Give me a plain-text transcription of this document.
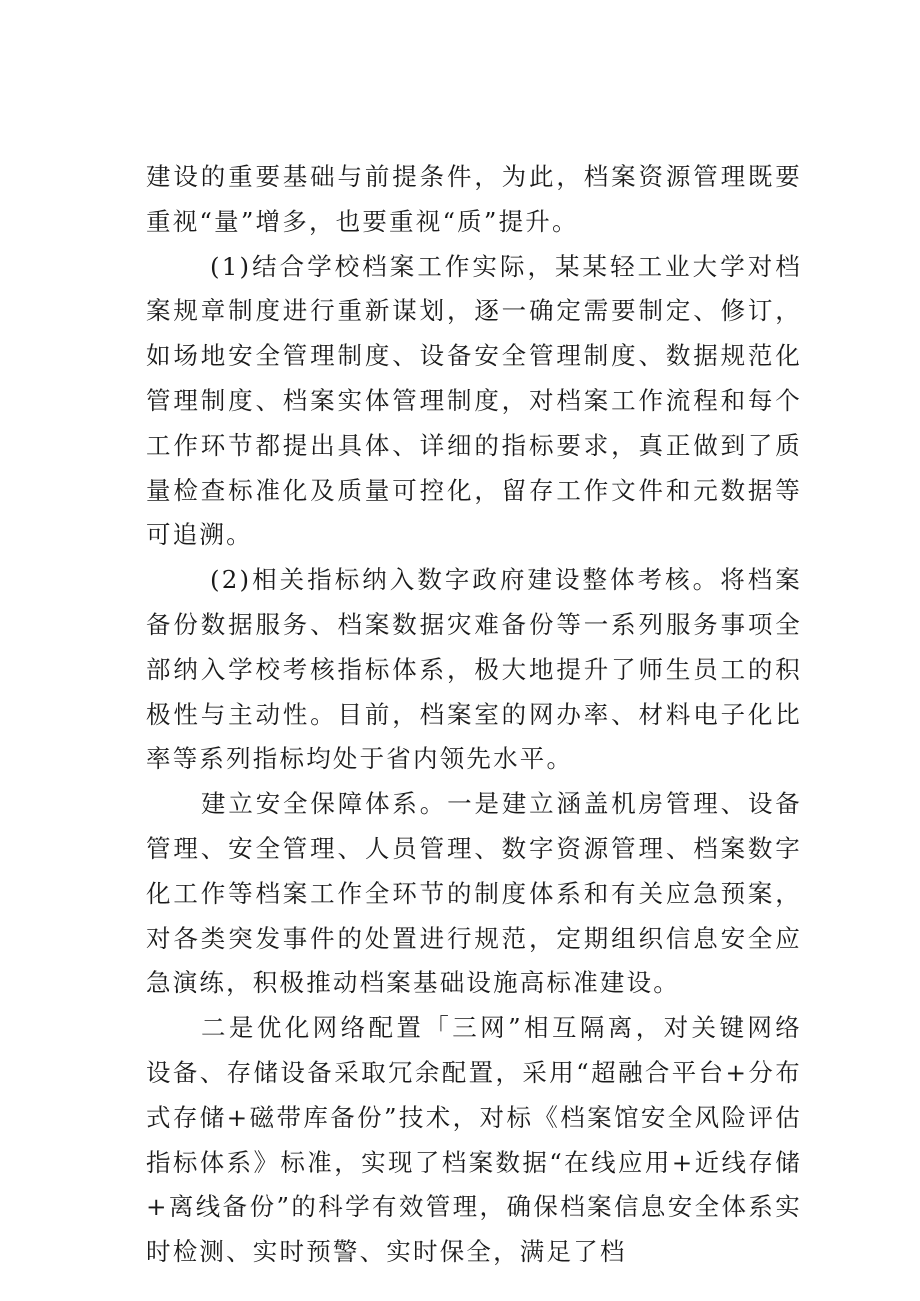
建设的重要基础与前提条件，为此，档案资源管理既要重视“量”增多，也要重视“质”提升。

(1)结合学校档案工作实际，某某轻工业大学对档案规章制度进行重新谋划，逐一确定需要制定、修订，如场地安全管理制度、设备安全管理制度、数据规范化管理制度、档案实体管理制度，对档案工作流程和每个工作环节都提出具体、详细的指标要求，真正做到了质量检查标准化及质量可控化，留存工作文件和元数据等可追溯。

(2)相关指标纳入数字政府建设整体考核。将档案备份数据服务、档案数据灾难备份等一系列服务事项全部纳入学校考核指标体系，极大地提升了师生员工的积极性与主动性。目前，档案室的网办率、材料电子化比率等系列指标均处于省内领先水平。

建立安全保障体系。一是建立涵盖机房管理、设备管理、安全管理、人员管理、数字资源管理、档案数字化工作等档案工作全环节的制度体系和有关应急预案，对各类突发事件的处置进行规范，定期组织信息安全应急演练，积极推动档案基础设施高标准建设。

二是优化网络配置「三网”相互隔离，对关键网络设备、存储设备采取冗余配置，采用“超融合平台+分布式存储+磁带库备份”技术，对标《档案馆安全风险评估指标体系》标准，实现了档案数据“在线应用+近线存储+离线备份”的科学有效管理，确保档案信息安全体系实时检测、实时预警、实时保全，满足了档
